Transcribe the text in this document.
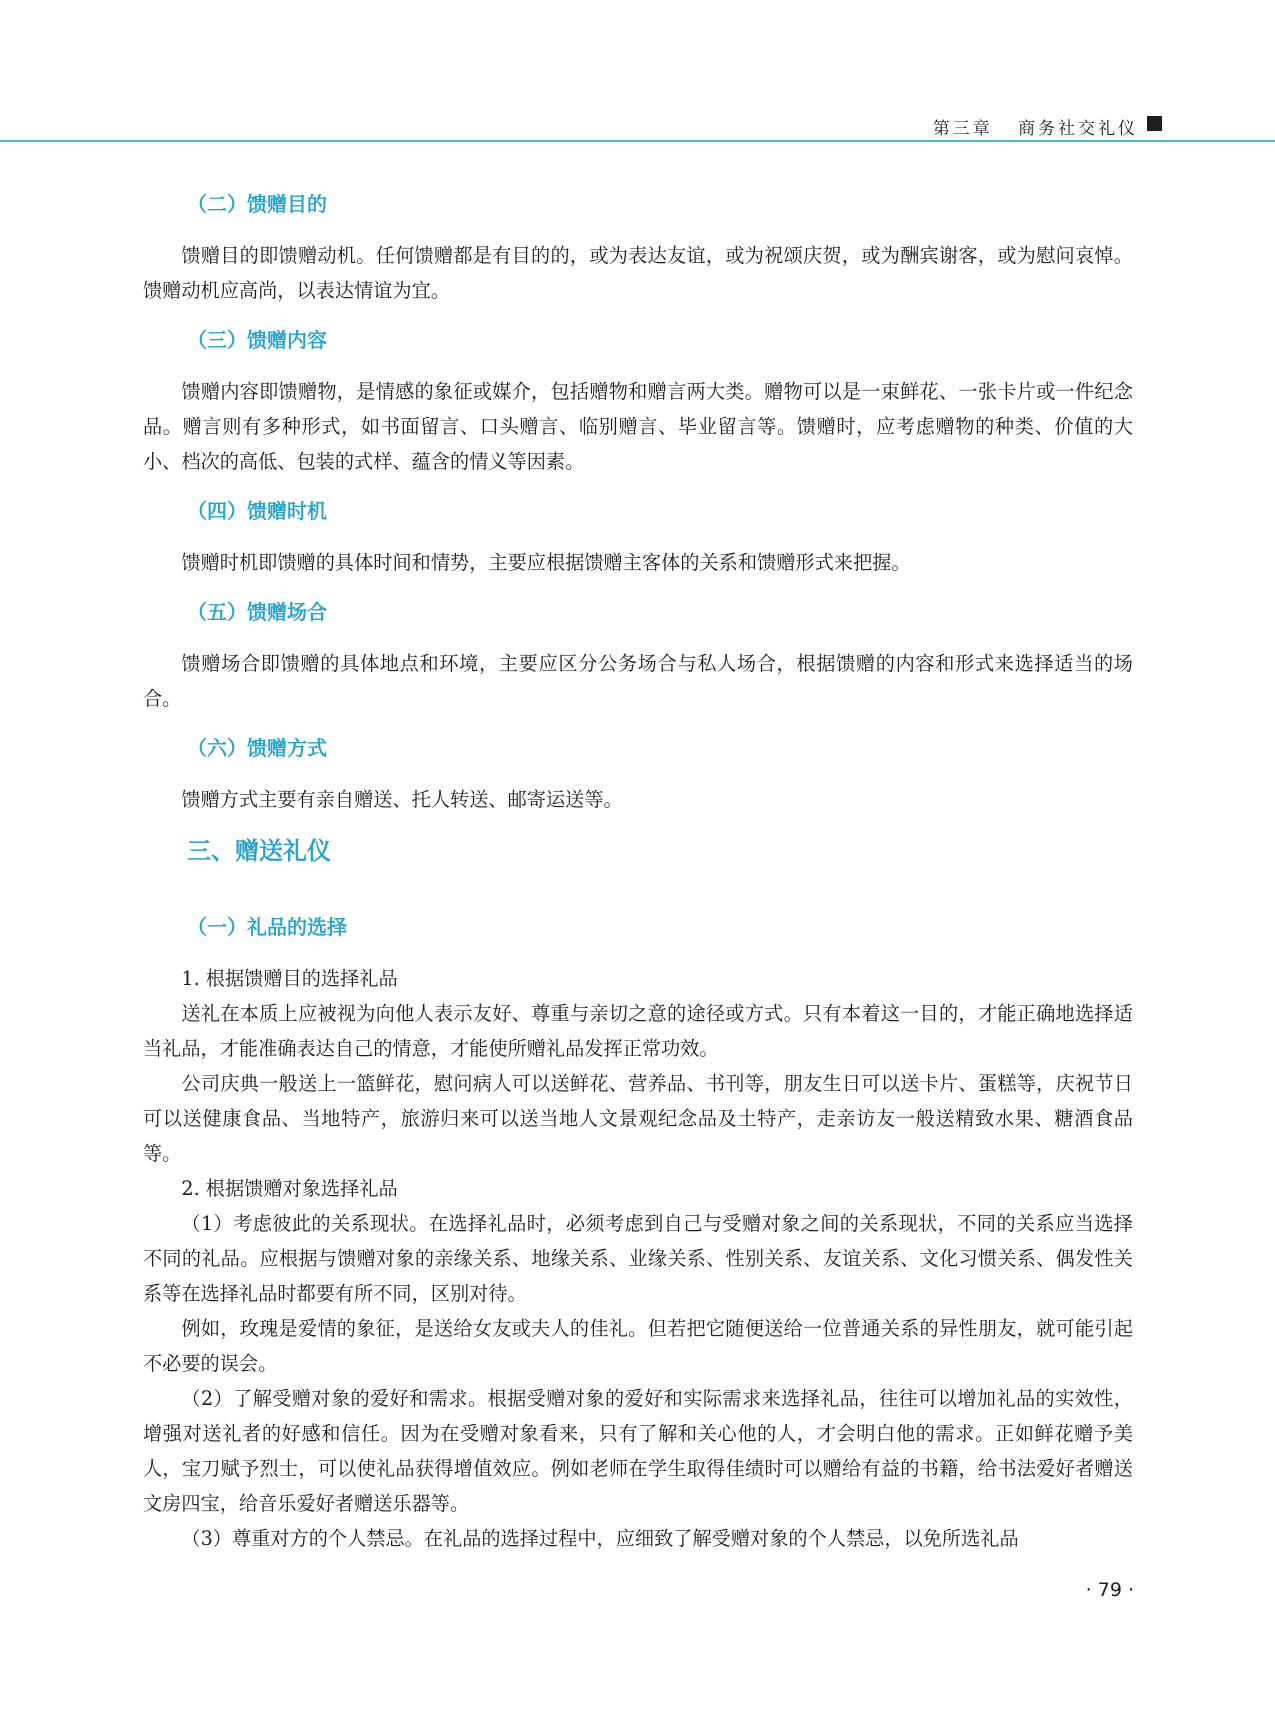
第三章 商务社交礼仪
（二）馈赠目的

馈赠目的即馈赠动机。任何馈赠都是有目的的，或为表达友谊，或为祝颂庆贺，或为酬宾谢客，或为慰问哀悼。馈赠动机应高尚，以表达情谊为宜。

（三）馈赠内容

馈赠内容即馈赠物，是情感的象征或媒介，包括赠物和赠言两大类。赠物可以是一束鲜花、一张卡片或一件纪念品。赠言则有多种形式，如书面留言、口头赠言、临别赠言、毕业留言等。馈赠时，应考虑赠物的种类、价值的大小、档次的高低、包装的式样、蕴含的情义等因素。

（四）馈赠时机

馈赠时机即馈赠的具体时间和情势，主要应根据馈赠主客体的关系和馈赠形式来把握。

（五）馈赠场合

馈赠场合即馈赠的具体地点和环境，主要应区分公务场合与私人场合，根据馈赠的内容和形式来选择适当的场合。

（六）馈赠方式

馈赠方式主要有亲自赠送、托人转送、邮寄运送等。

三、赠送礼仪
（一）礼品的选择

1. 根据馈赠目的选择礼品

送礼在本质上应被视为向他人表示友好、尊重与亲切之意的途径或方式。只有本着这一目的，才能正确地选择适当礼品，才能准确表达自己的情意，才能使所赠礼品发挥正常功效。

公司庆典一般送上一篮鲜花，慰问病人可以送鲜花、营养品、书刊等，朋友生日可以送卡片、蛋糕等，庆祝节日可以送健康食品、当地特产，旅游归来可以送当地人文景观纪念品及土特产，走亲访友一般送精致水果、糖酒食品等。

2. 根据馈赠对象选择礼品

（1）考虑彼此的关系现状。在选择礼品时，必须考虑到自己与受赠对象之间的关系现状，不同的关系应当选择不同的礼品。应根据与馈赠对象的亲缘关系、地缘关系、业缘关系、性别关系、友谊关系、文化习惯关系、偶发性关系等在选择礼品时都要有所不同，区别对待。

例如，玫瑰是爱情的象征，是送给女友或夫人的佳礼。但若把它随便送给一位普通关系的异性朋友，就可能引起不必要的误会。

（2）了解受赠对象的爱好和需求。根据受赠对象的爱好和实际需求来选择礼品，往往可以增加礼品的实效性，增强对送礼者的好感和信任。因为在受赠对象看来，只有了解和关心他的人，才会明白他的需求。正如鲜花赠予美人，宝刀赋予烈士，可以使礼品获得增值效应。例如老师在学生取得佳绩时可以赠给有益的书籍，给书法爱好者赠送文房四宝，给音乐爱好者赠送乐器等。

（3）尊重对方的个人禁忌。在礼品的选择过程中，应细致了解受赠对象的个人禁忌，以免所选礼品

· 79 ·
